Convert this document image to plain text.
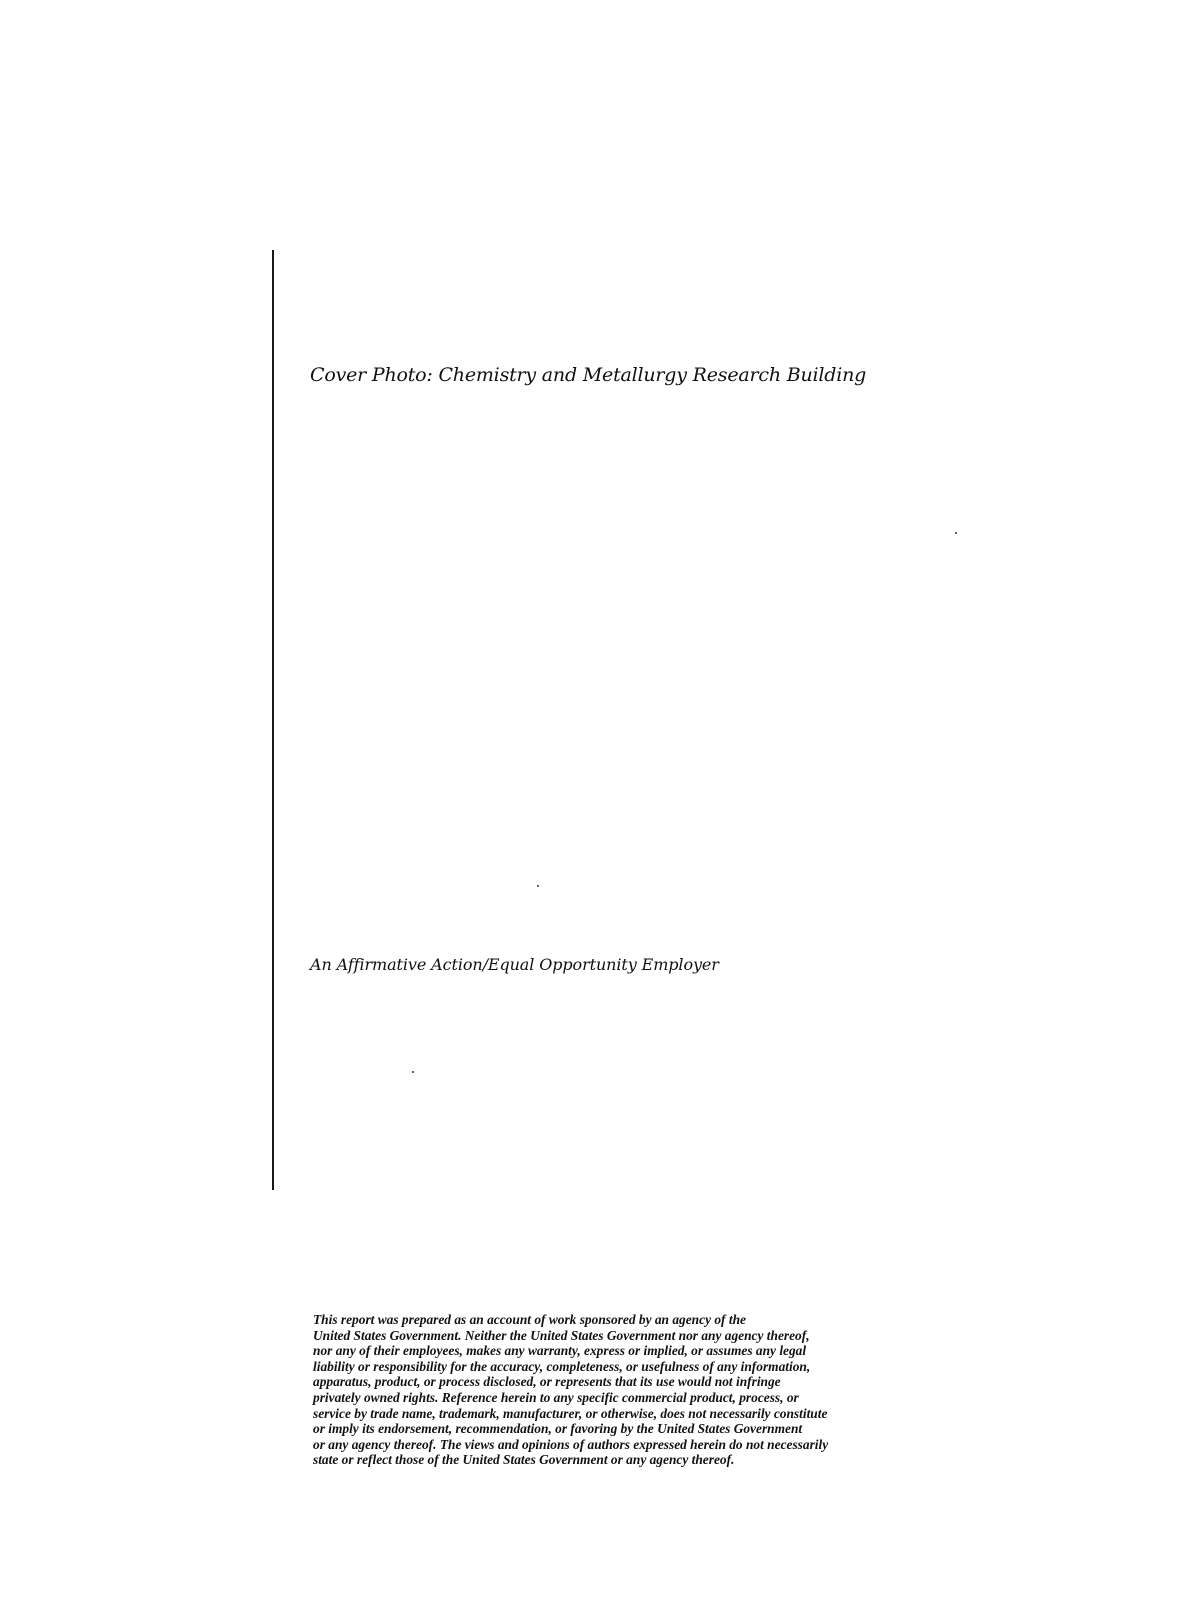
Cover Photo: Chemistry and Metallurgy Research Building
An Affirmative Action/Equal Opportunity Employer
This report was prepared as an account of work sponsored by an agency of the
United States Government. Neither the United States Government nor any agency thereof,
nor any of their employees, makes any warranty, express or implied, or assumes any legal
liability or responsibility for the accuracy, completeness, or usefulness of any information,
apparatus, product, or process disclosed, or represents that its use would not infringe
privately owned rights. Reference herein to any specific commercial product, process, or
service by trade name, trademark, manufacturer, or otherwise, does not necessarily constitute
or imply its endorsement, recommendation, or favoring by the United States Government
or any agency thereof. The views and opinions of authors expressed herein do not necessarily
state or reflect those of the United States Government or any agency thereof.
